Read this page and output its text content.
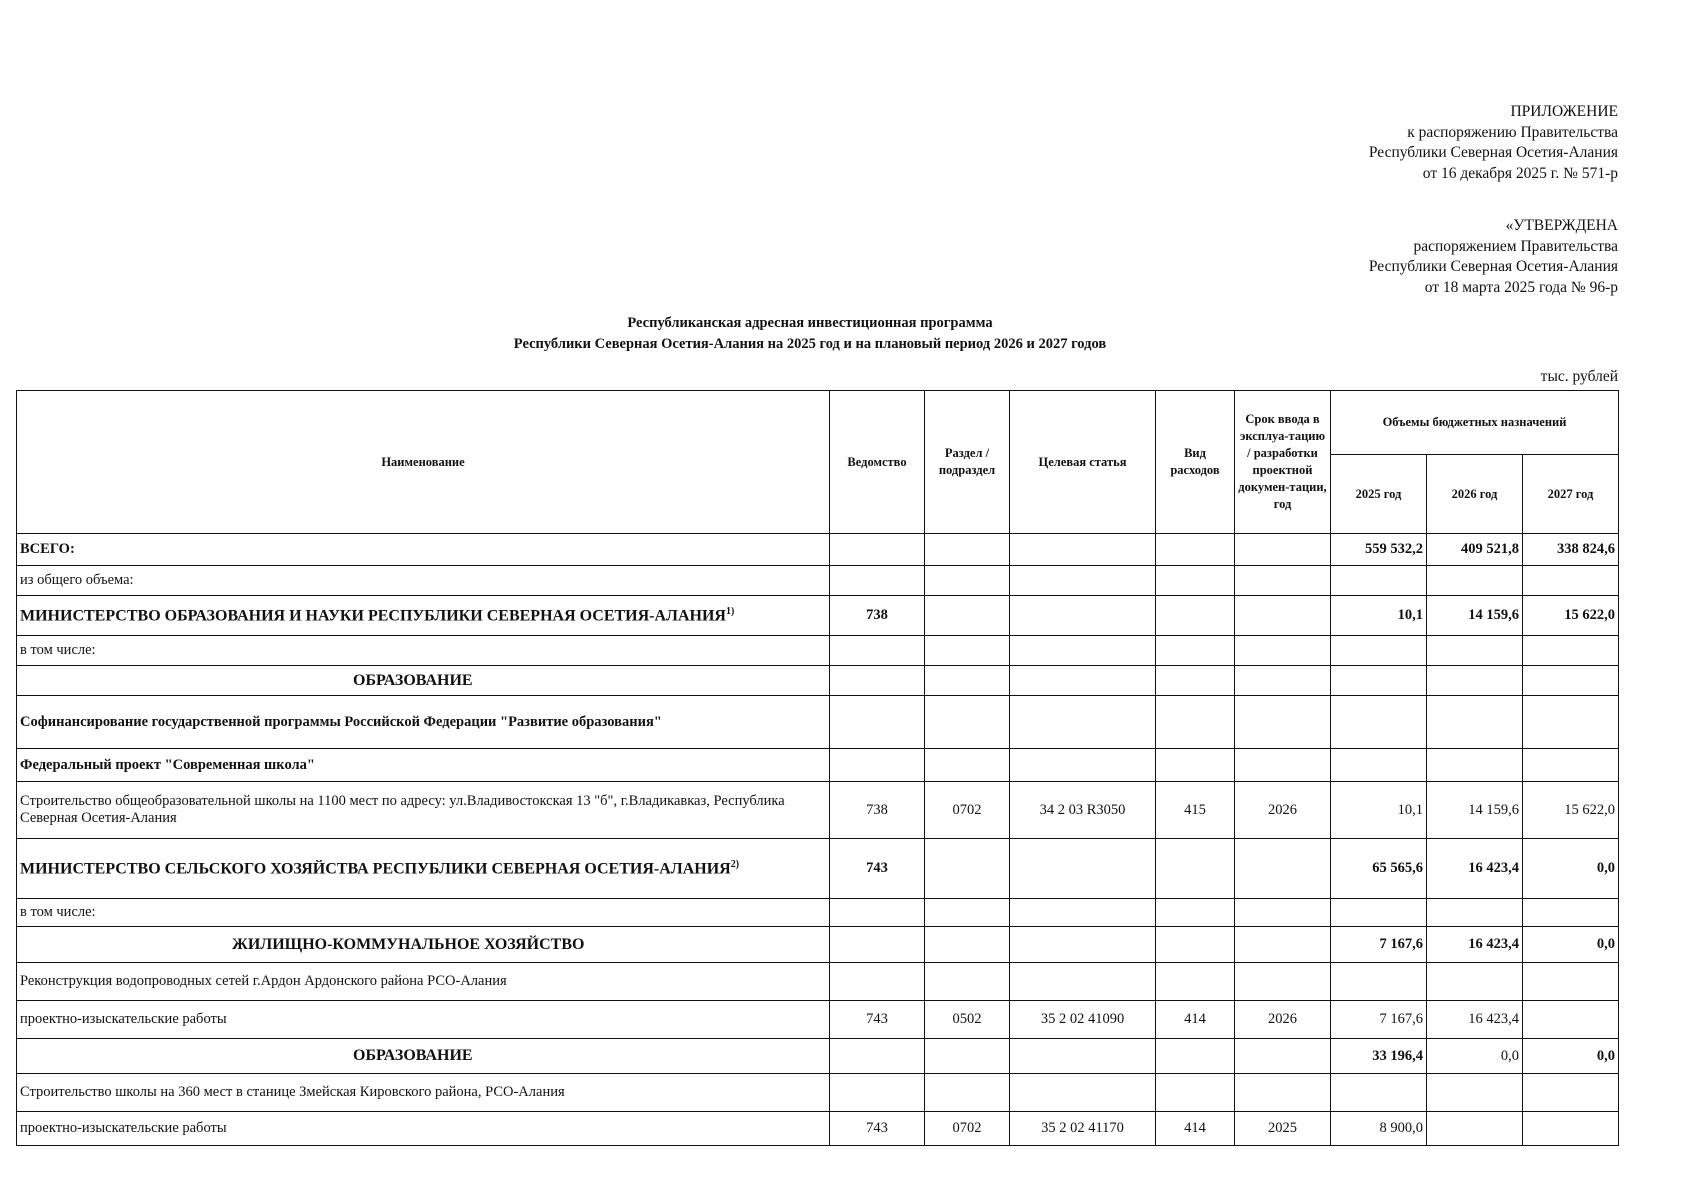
ПРИЛОЖЕНИЕ
к распоряжению Правительства
Республики Северная Осетия-Алания
от 16 декабря 2025 г. № 571-р
«УТВЕРЖДЕНА
распоряжением Правительства
Республики Северная Осетия-Алания
от 18 марта 2025 года № 96-р
Республиканская адресная инвестиционная программа
Республики Северная Осетия-Алания на 2025 год и на плановый период 2026 и 2027 годов
тыс. рублей
Наименование	Ведомство	Раздел / подраздел	Целевая статья	Вид расходов	Срок ввода в эксплуа-тацию / разработки проектной докумен-тации, год	Объемы бюджетных назначений		
						2025 год	2026 год	2027 год
ВСЕГО:						559 532,2	409 521,8	338 824,6
из общего объема:								
МИНИСТЕРСТВО ОБРАЗОВАНИЯ И НАУКИ РЕСПУБЛИКИ СЕВЕРНАЯ ОСЕТИЯ-АЛАНИЯ$^{1)}$	738					10,1	14 159,6	15 622,0
в том числе:								
ОБРАЗОВАНИЕ								
Софинансирование государственной программы Российской Федерации "Развитие образования"								
Федеральный проект "Современная школа"								
Строительство общеобразовательной школы на 1100 мест по адресу: ул.Владивостокская 13 "б", г.Владикавказ, Республика Северная Осетия-Алания	738	0702	34 2 03 R3050	415	2026	10,1	14 159,6	15 622,0
МИНИСТЕРСТВО СЕЛЬСКОГО ХОЗЯЙСТВА РЕСПУБЛИКИ СЕВЕРНАЯ ОСЕТИЯ-АЛАНИЯ$^{2)}$	743					65 565,6	16 423,4	0,0
в том числе:								
ЖИЛИЩНО-КОММУНАЛЬНОЕ ХОЗЯЙСТВО						7 167,6	16 423,4	0,0
Реконструкция водопроводных сетей г.Ардон Ардонского района РСО-Алания								
проектно-изыскательские работы	743	0502	35 2 02 41090	414	2026	7 167,6	16 423,4	
ОБРАЗОВАНИЕ						33 196,4	0,0	0,0
Строительство школы на 360 мест в станице Змейская Кировского района, РСО-Алания								
проектно-изыскательские работы	743	0702	35 2 02 41170	414	2025	8 900,0		
